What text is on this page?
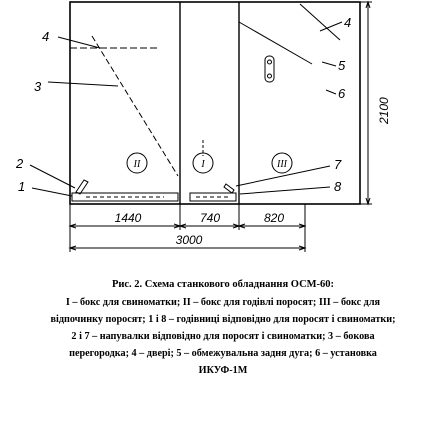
II	I	III
4
3
2
1
4
5
6
7
8
2100
1440	740	820
3000
Рис. 2. Схема станкового обладнання ОСМ-60:
І – бокс для свиноматки; ІІ – бокс для годівлі поросят; ІІІ – бокс для
відпочинку поросят; 1 і 8 – годівниці відповідно для поросят і свиноматки;
2 і 7 – напувалки відповідно для поросят і свиноматки; 3 – бокова
перегородка; 4 – двері; 5 – обмежувальна задня дуга; 6 – установка
ИКУФ-1М
